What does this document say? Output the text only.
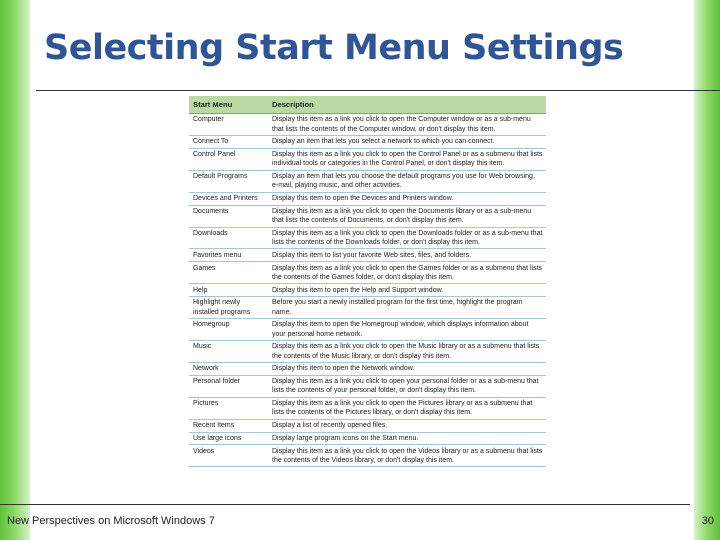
Selecting Start Menu Settings
Start Menu	Description
Computer	Display this item as a link you click to open the Computer window or as a sub-menu that lists the contents of the Computer window, or don't display this item.
Connect To	Display an item that lets you select a network to which you can connect.
Control Panel	Display this item as a link you click to open the Control Panel or as a submenu that lists individual tools or categories in the Control Panel, or don't display this item.
Default Programs	Display an item that lets you choose the default programs you use for Web browsing, e-mail, playing music, and other activities.
Devices and Printers	Display this item to open the Devices and Printers window.
Documents	Display this item as a link you click to open the Documents library or as a sub-menu that lists the contents of Documents, or don't display this item.
Downloads	Display this item as a link you click to open the Downloads folder or as a sub-menu that lists the contents of the Downloads folder, or don't display this item.
Favorites menu	Display this item to list your favorite Web sites, files, and folders.
Games	Display this item as a link you click to open the Games folder or as a submenu that lists the contents of the Games folder, or don't display this item.
Help	Display this item to open the Help and Support window.
Highlight newly installed programs	Before you start a newly installed program for the first time, highlight the program name.
Homegroup	Display this item to open the Homegroup window, which displays information about your personal home network.
Music	Display this item as a link you click to open the Music library or as a submenu that lists the contents of the Music library, or don't display this item.
Network	Display this item to open the Network window.
Personal folder	Display this item as a link you click to open your personal folder or as a sub-menu that lists the contents of your personal folder, or don't display this item.
Pictures	Display this item as a link you click to open the Pictures library or as a submenu that lists the contents of the Pictures library, or don't display this item.
Recent Items	Display a list of recently opened files.
Use large icons	Display large program icons on the Start menu.
Videos	Display this item as a link you click to open the Videos library or as a submenu that lists the contents of the Videos library, or don't display this item.
New Perspectives on Microsoft Windows 7	30
